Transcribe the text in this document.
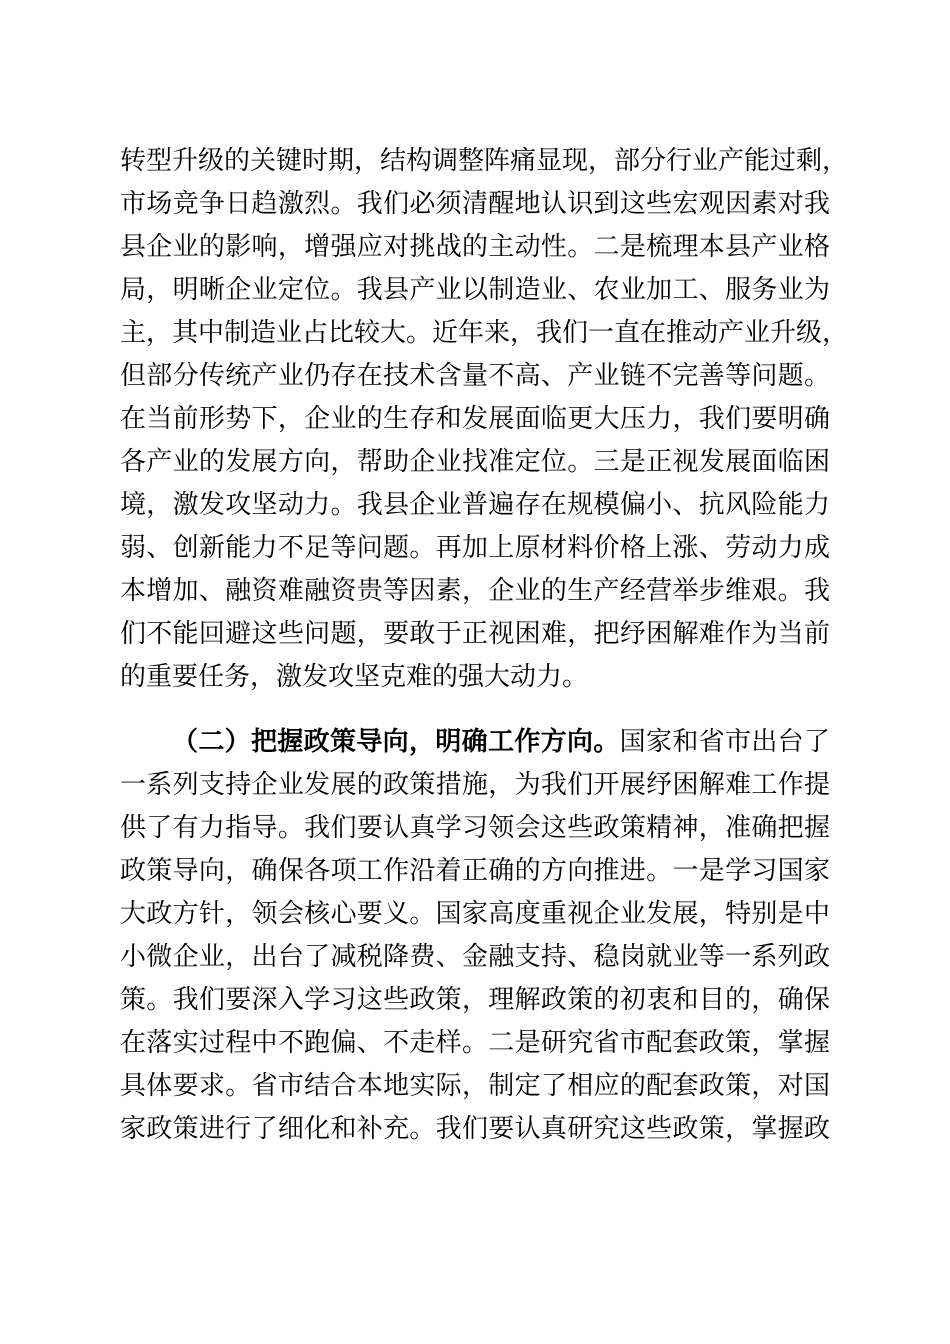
转型升级的关键时期，结构调整阵痛显现，部分行业产能过剩，
市场竞争日趋激烈。我们必须清醒地认识到这些宏观因素对我
县企业的影响，增强应对挑战的主动性。二是梳理本县产业格
局，明晰企业定位。我县产业以制造业、农业加工、服务业为
主，其中制造业占比较大。近年来，我们一直在推动产业升级，
但部分传统产业仍存在技术含量不高、产业链不完善等问题。
在当前形势下，企业的生存和发展面临更大压力，我们要明确
各产业的发展方向，帮助企业找准定位。三是正视发展面临困
境，激发攻坚动力。我县企业普遍存在规模偏小、抗风险能力
弱、创新能力不足等问题。再加上原材料价格上涨、劳动力成
本增加、融资难融资贵等因素，企业的生产经营举步维艰。我
们不能回避这些问题，要敢于正视困难，把纾困解难作为当前
的重要任务，激发攻坚克难的强大动力。
（二）把握政策导向，明确工作方向。国家和省市出台了
一系列支持企业发展的政策措施，为我们开展纾困解难工作提
供了有力指导。我们要认真学习领会这些政策精神，准确把握
政策导向，确保各项工作沿着正确的方向推进。一是学习国家
大政方针，领会核心要义。国家高度重视企业发展，特别是中
小微企业，出台了减税降费、金融支持、稳岗就业等一系列政
策。我们要深入学习这些政策，理解政策的初衷和目的，确保
在落实过程中不跑偏、不走样。二是研究省市配套政策，掌握
具体要求。省市结合本地实际，制定了相应的配套政策，对国
家政策进行了细化和补充。我们要认真研究这些政策，掌握政
